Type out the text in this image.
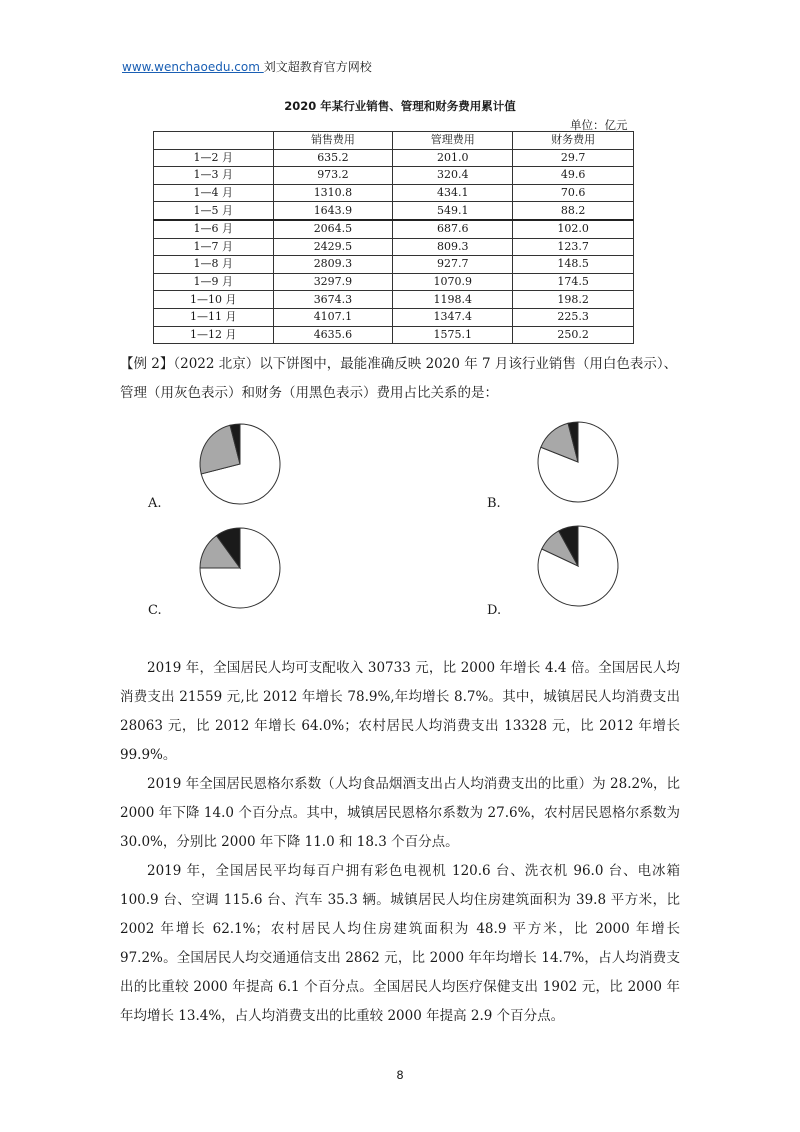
www.wenchaoedu.com 刘文超教育官方网校
2020 年某行业销售、管理和财务费用累计值
单位：亿元
	销售费用	管理费用	财务费用
1—2 月	635.2	201.0	29.7
1—3 月	973.2	320.4	49.6
1—4 月	1310.8	434.1	70.6
1—5 月	1643.9	549.1	88.2
1—6 月	2064.5	687.6	102.0
1—7 月	2429.5	809.3	123.7
1—8 月	2809.3	927.7	148.5
1—9 月	3297.9	1070.9	174.5
1—10 月	3674.3	1198.4	198.2
1—11 月	4107.1	1347.4	225.3
1—12 月	4635.6	1575.1	250.2
【例 2】（2022 北京）以下饼图中，最能准确反映 2020 年 7 月该行业销售（用白色表示）、管理（用灰色表示）和财务（用黑色表示）费用占比关系的是：
A.	B.
C.	D.

2019 年，全国居民人均可支配收入 30733 元，比 2000 年增长 4.4 倍。全国居民人均消费支出 21559 元,比 2012 年增长 78.9%,年均增长 8.7%。其中，城镇居民人均消费支出 28063 元，比 2012 年增长 64.0%；农村居民人均消费支出 13328 元，比 2012 年增长 99.9%。

2019 年全国居民恩格尔系数（人均食品烟酒支出占人均消费支出的比重）为 28.2%，比 2000 年下降 14.0 个百分点。其中，城镇居民恩格尔系数为 27.6%，农村居民恩格尔系数为 30.0%，分别比 2000 年下降 11.0 和 18.3 个百分点。

2019 年，全国居民平均每百户拥有彩色电视机 120.6 台、洗衣机 96.0 台、电冰箱 100.9 台、空调 115.6 台、汽车 35.3 辆。城镇居民人均住房建筑面积为 39.8 平方米，比 2002 年增长 62.1%；农村居民人均住房建筑面积为 48.9 平方米，比 2000 年增长 97.2%。全国居民人均交通通信支出 2862 元，比 2000 年年均增长 14.7%，占人均消费支出的比重较 2000 年提高 6.1 个百分点。全国居民人均医疗保健支出 1902 元，比 2000 年年均增长 13.4%，占人均消费支出的比重较 2000 年提高 2.9 个百分点。

8
